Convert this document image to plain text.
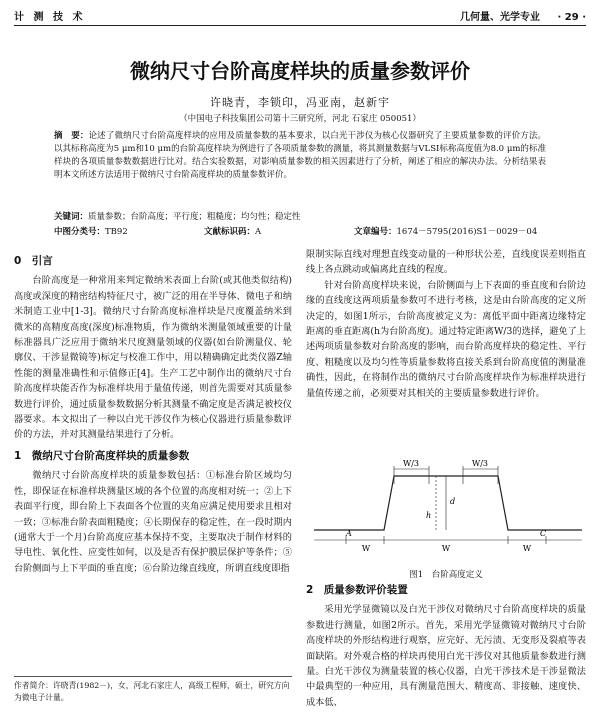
计 测 技 术	几何量、光学专业 · 29 ·
微纳尺寸台阶高度样块的质量参数评价
许晓青，李锁印，冯亚南，赵新宇
（中国电子科技集团公司第十三研究所，河北 石家庄 050051）
摘　要：论述了微纳尺寸台阶高度样块的应用及质量参数的基本要求，以白光干涉仪为核心仪器研究了主要质量参数的评价方法。以其标称高度为5 μm和10 μm的台阶高度样块为例进行了各项质量参数的测量，将其测量数据与VLSI标称高度值为8.0 μm的标准样块的各项质量参数数据进行比对。结合实验数据，对影响质量参数的相关因素进行了分析，阐述了相应的解决办法。分析结果表明本文所述方法适用于微纳尺寸台阶高度样块的质量参数评价。
关键词：质量参数；台阶高度；平行度；粗糙度；均匀性；稳定性
中图分类号：TB92	文献标识码：A	文章编号：1674－5795(2016)S1－0029－04
0　引言

台阶高度是一种常用来判定微纳米表面上台阶(或其他类似结构)高度或深度的精密结构特征尺寸，被广泛的用在半导体、微电子和纳米制造工业中[1-3]。微纳尺寸台阶高度标准样块是尺度覆盖纳米到微米的高精度高度(深度)标准物质，作为微纳米测量领域重要的计量标准器具广泛应用于微纳米尺度测量领域的仪器(如台阶测量仪、轮廓仪、干涉显微镜等)标定与校准工作中，用以精确确定此类仪器Z轴性能的测量准确性和示值修正[4]。生产工艺中制作出的微纳尺寸台阶高度样块能否作为标准样块用于量值传递，则首先需要对其质量参数进行评价，通过质量参数数据分析其测量不确定度是否满足被校仪器要求。本文拟出了一种以白光干涉仪作为核心仪器进行质量参数评价的方法，并对其测量结果进行了分析。

1　微纳尺寸台阶高度样块的质量参数

微纳尺寸台阶高度样块的质量参数包括：①标准台阶区域均匀性，即保证在标准样块测量区域的各个位置的高度相对统一；②上下表面平行度，即台阶上下表面各个位置的夹角应满足使用要求且相对一致；③标准台阶表面粗糙度；④长期保存的稳定性，在一段时期内(通常大于一个月)台阶高度应基本保持不变，主要取决于制作材料的导电性、氧化性、应变性如何，以及是否有保护膜层保护等条件；⑤台阶侧面与上下平面的垂直度；⑥台阶边缘直线度，所谓直线度即指

作者简介：许晓青(1982－)，女，河北石家庄人，高级工程师，硕士，研究方向为微电子计量。

限制实际直线对理想直线变动量的一种形状公差，直线度误差则指直线上各点跳动或偏离此直线的程度。

针对台阶高度样块来说，台阶侧面与上下表面的垂直度和台阶边缘的直线度这两项质量参数可不进行考核，这是由台阶高度的定义所决定的，如图1所示，台阶高度被定义为：离低平面中距离边缘特定距离的垂直距离(h为台阶高度)。通过特定距离W/3的选择，避免了上述两项质量参数对台阶高度的影响，而台阶高度样块的稳定性、平行度、粗糙度以及均匀性等质量参数将直接关系到台阶高度值的测量准确性，因此，在将制作出的微纳尺寸台阶高度样块作为标准样块进行量值传递之前，必须要对其相关的主要质量参数进行评价。

W/3	W/3
d
h
A	C
W	W	W
图1　台阶高度定义
2　质量参数评价装置

采用光学显微镜以及白光干涉仪对微纳尺寸台阶高度样块的质量参数进行测量，如图2所示。首先，采用光学显微镜对微纳尺寸台阶高度样块的外形结构进行观察，应完好、无污渍、无变形及裂痕等表面缺陷。对外观合格的样块再使用白光干涉仪对其他质量参数进行测量。白光干涉仪为测量装置的核心仪器，白光干涉技术是干涉显微法中最典型的一种应用，具有测量范围大、精度高、非接触、速度快、成本低、
